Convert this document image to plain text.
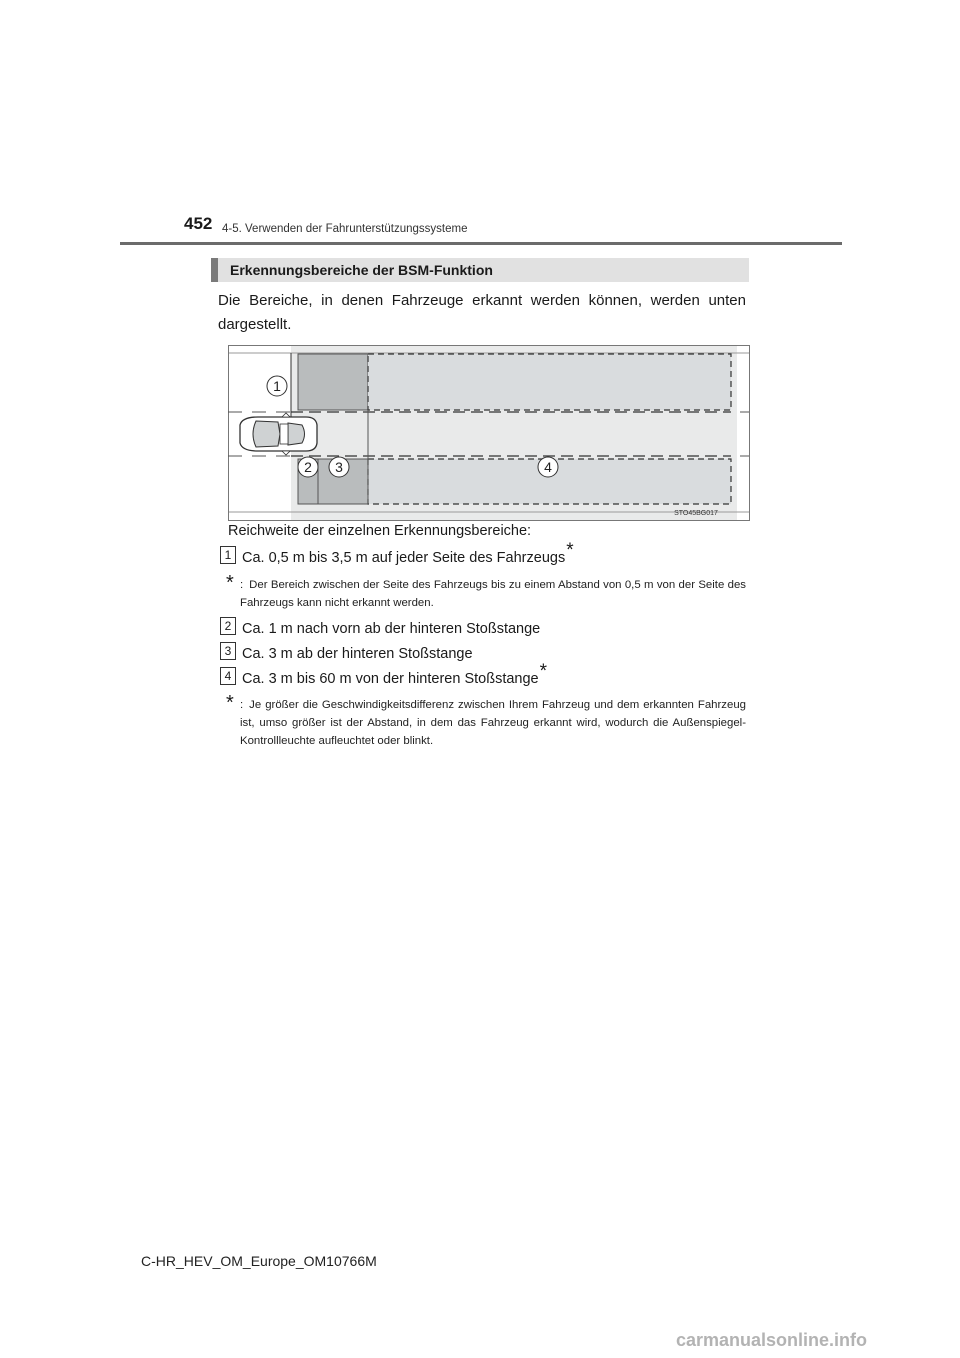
452 4-5. Verwenden der Fahrunterstützungssysteme
Erkennungsbereiche der BSM-Funktion
Die Bereiche, in denen Fahrzeuge erkannt werden können, werden unten dargestellt.
1
2 3	4
STO45BG017
Reichweite der einzelnen Erkennungsbereiche:
1 Ca. 0,5 m bis 3,5 m auf jeder Seite des Fahrzeugs*
* : Der Bereich zwischen der Seite des Fahrzeugs bis zu einem Abstand von 0,5 m von der Seite des Fahrzeugs kann nicht erkannt werden.
2 Ca. 1 m nach vorn ab der hinteren Stoßstange
3 Ca. 3 m ab der hinteren Stoßstange
4 Ca. 3 m bis 60 m von der hinteren Stoßstange*
* : Je größer die Geschwindigkeitsdifferenz zwischen Ihrem Fahrzeug und dem erkannten Fahrzeug ist, umso größer ist der Abstand, in dem das Fahrzeug erkannt wird, wodurch die Außenspiegel-Kontrollleuchte aufleuchtet oder blinkt.
C-HR_HEV_OM_Europe_OM10766M
carmanualsonline.info
